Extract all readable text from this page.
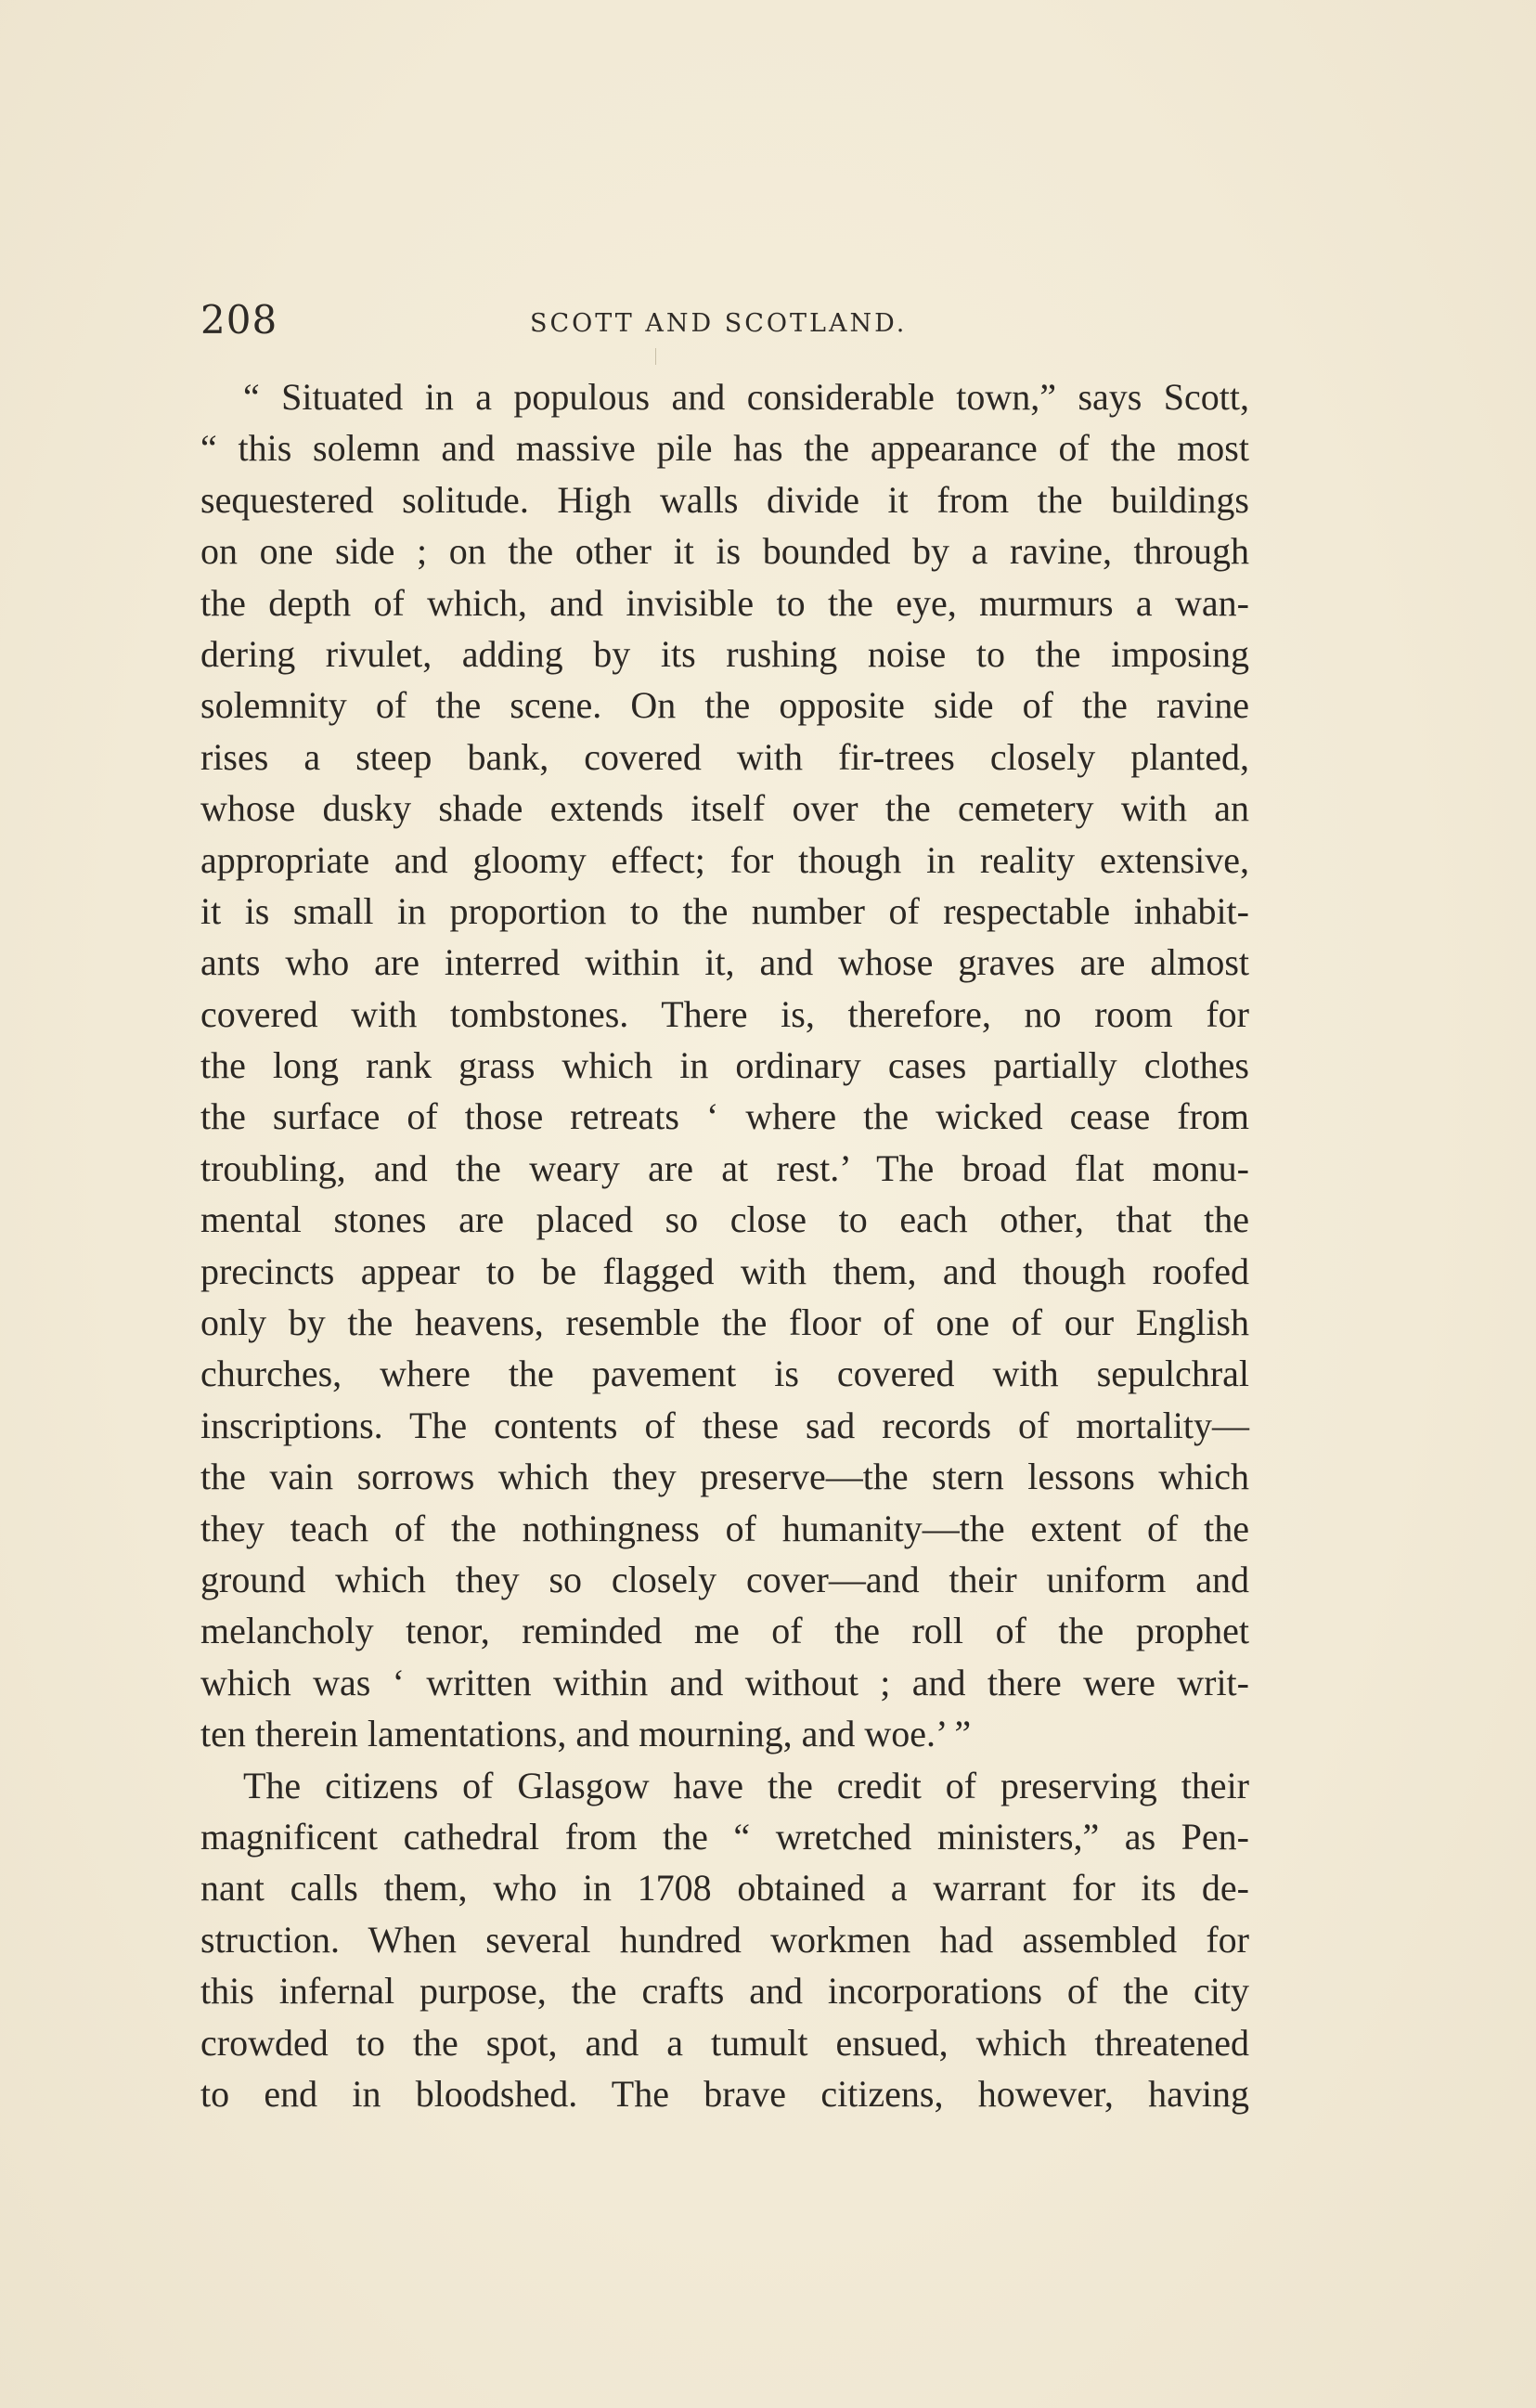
208	SCOTT AND SCOTLAND.
“ Situated in a populous and considerable town,” says Scott,
“ this solemn and massive pile has the appearance of the most
sequestered solitude. High walls divide it from the buildings
on one side ; on the other it is bounded by a ravine, through
the depth of which, and invisible to the eye, murmurs a wan-
dering rivulet, adding by its rushing noise to the imposing
solemnity of the scene. On the opposite side of the ravine
rises a steep bank, covered with fir-trees closely planted,
whose dusky shade extends itself over the cemetery with an
appropriate and gloomy effect; for though in reality extensive,
it is small in proportion to the number of respectable inhabit-
ants who are interred within it, and whose graves are almost
covered with tombstones. There is, therefore, no room for
the long rank grass which in ordinary cases partially clothes
the surface of those retreats ‘ where the wicked cease from
troubling, and the weary are at rest.’ The broad flat monu-
mental stones are placed so close to each other, that the
precincts appear to be flagged with them, and though roofed
only by the heavens, resemble the floor of one of our English
churches, where the pavement is covered with sepulchral
inscriptions. The contents of these sad records of mortality—
the vain sorrows which they preserve—the stern lessons which
they teach of the nothingness of humanity—the extent of the
ground which they so closely cover—and their uniform and
melancholy tenor, reminded me of the roll of the prophet
which was ‘ written within and without ; and there were writ-
ten therein lamentations, and mourning, and woe.’ ”
The citizens of Glasgow have the credit of preserving their
magnificent cathedral from the “ wretched ministers,” as Pen-
nant calls them, who in 1708 obtained a warrant for its de-
struction. When several hundred workmen had assembled for
this infernal purpose, the crafts and incorporations of the city
crowded to the spot, and a tumult ensued, which threatened
to end in bloodshed. The brave citizens, however, having
